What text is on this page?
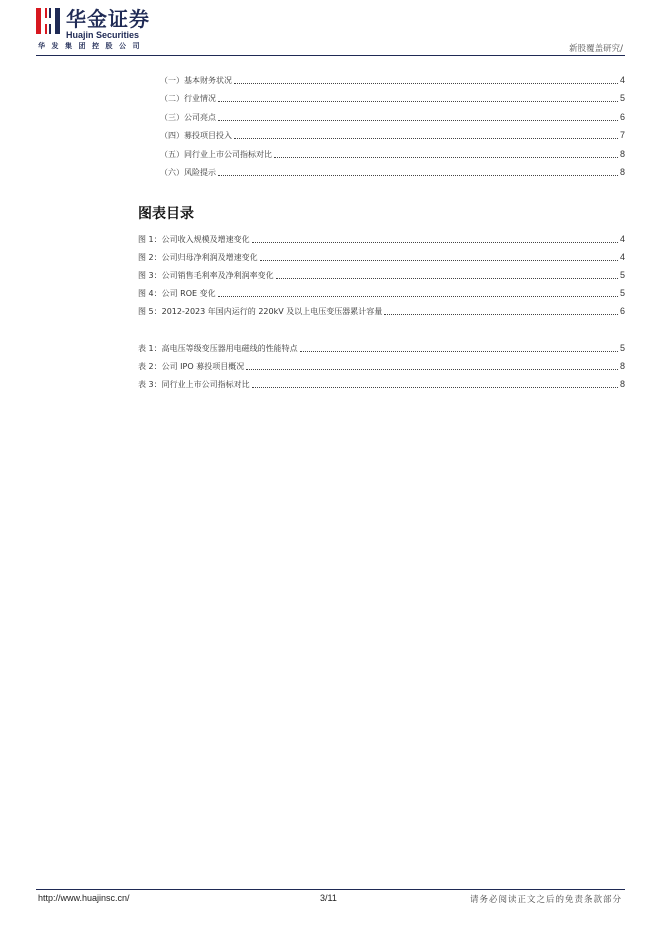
华金证券
Huajin Securities
华发集团控股公司	新股覆盖研究/
（一）基本财务状况	4
（二）行业情况	5
（三）公司亮点	6
（四）募投项目投入	7
（五）同行业上市公司指标对比	8
（六）风险提示	8
图表目录
图 1：公司收入规模及增速变化	4
图 2：公司归母净利润及增速变化	4
图 3：公司销售毛利率及净利润率变化	5
图 4：公司 ROE 变化	5
图 5：2012-2023 年国内运行的 220kV 及以上电压变压器累计容量	6
表 1：高电压等级变压器用电磁线的性能特点	5
表 2：公司 IPO 募投项目概况	8
表 3：同行业上市公司指标对比	8
http://www.huajinsc.cn/	3/11	请务必阅读正文之后的免责条款部分
